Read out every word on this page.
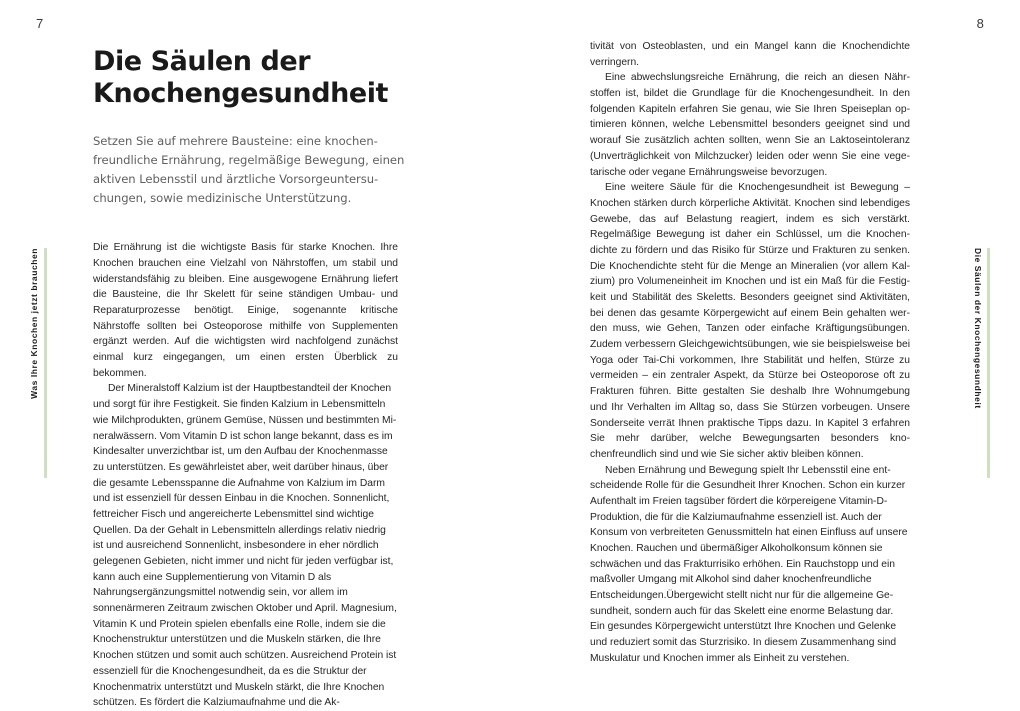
7
Was Ihre Knochen jetzt brauchen
Die Säulen der Knochengesundheit

Setzen Sie auf mehrere Bausteine: eine knochenfreundliche Ernährung, regelmäßige Bewegung, einen aktiven Lebensstil und ärztliche Vorsorgeuntersuchungen, sowie medizinische Unterstützung.

Die Ernährung ist die wichtigste Basis für starke Knochen. Ihre Knochen brauchen eine Vielzahl von Nährstoffen, um stabil und widerstandsfähig zu bleiben. Eine ausgewogene Ernährung liefert die Bausteine, die Ihr Skelett für seine ständigen Umbau- und Reparaturprozesse benötigt. Einige, sogenannte kritische Nährstoffe sollten bei Osteoporose mithilfe von Supplementen ergänzt werden. Auf die wichtigsten wird nachfolgend zunächst einmal kurz eingegangen, um einen ersten Überblick zu bekommen.

Der Mineralstoff Kalzium ist der Hauptbestandteil der Knochen und sorgt für ihre Festigkeit. Sie finden Kalzium in Lebensmitteln wie Milchprodukten, grünem Gemüse, Nüssen und bestimmten Mineralwässern. Vom Vitamin D ist schon lange bekannt, dass es im Kindesalter unverzichtbar ist, um den Aufbau der Knochenmasse zu unterstützen. Es gewährleistet aber, weit darüber hinaus, über die gesamte Lebensspanne die Aufnahme von Kalzium im Darm und ist essenziell für dessen Einbau in die Knochen. Sonnenlicht, fettreicher Fisch und angereicherte Lebensmittel sind wichtige Quellen. Da der Gehalt in Lebensmitteln allerdings relativ niedrig ist und ausreichend Sonnenlicht, insbesondere in eher nördlich gelegenen Gebieten, nicht immer und nicht für jeden verfügbar ist, kann auch eine Supplementierung von Vitamin D als Nahrungsergänzungsmittel notwendig sein, vor allem im sonnenärmeren Zeitraum zwischen Oktober und April. Magnesium, Vitamin K und Protein spielen ebenfalls eine Rolle, indem sie die Knochenstruktur unterstützen und die Muskeln stärken, die Ihre Knochen stützen und somit auch schützen. Ausreichend Protein ist essenziell für die Knochengesundheit, da es die Struktur der Knochenmatrix unterstützt und Muskeln stärkt, die Ihre Knochen schützen. Es fördert die Kalziumaufnahme und die Ak-

8
Die Säulen der Knochengesundheit

tivität von Osteoblasten, und ein Mangel kann die Knochendichte verringern.

Eine abwechslungsreiche Ernährung, die reich an diesen Nährstoffen ist, bildet die Grundlage für die Knochengesundheit. In den folgenden Kapiteln erfahren Sie genau, wie Sie Ihren Speiseplan optimieren können, welche Lebensmittel besonders geeignet sind und worauf Sie zusätzlich achten sollten, wenn Sie an Laktoseintoleranz (Unverträglichkeit von Milchzucker) leiden oder wenn Sie eine vegetarische oder vegane Ernährungsweise bevorzugen.

Eine weitere Säule für die Knochengesundheit ist Bewegung – Knochen stärken durch körperliche Aktivität. Knochen sind lebendiges Gewebe, das auf Belastung reagiert, indem es sich verstärkt. Regelmäßige Bewegung ist daher ein Schlüssel, um die Knochendichte zu fördern und das Risiko für Stürze und Frakturen zu senken. Die Knochendichte steht für die Menge an Mineralien (vor allem Kalzium) pro Volumeneinheit im Knochen und ist ein Maß für die Festigkeit und Stabilität des Skeletts. Besonders geeignet sind Aktivitäten, bei denen das gesamte Körpergewicht auf einem Bein gehalten werden muss, wie Gehen, Tanzen oder einfache Kräftigungsübungen. Zudem verbessern Gleichgewichtsübungen, wie sie beispielsweise bei Yoga oder Tai-Chi vorkommen, Ihre Stabilität und helfen, Stürze zu vermeiden – ein zentraler Aspekt, da Stürze bei Osteoporose oft zu Frakturen führen. Bitte gestalten Sie deshalb Ihre Wohnumgebung und Ihr Verhalten im Alltag so, dass Sie Stürzen vorbeugen. Unsere Sonderseite verrät Ihnen praktische Tipps dazu. In Kapitel 3 erfahren Sie mehr darüber, welche Bewegungsarten besonders knochenfreundlich sind und wie Sie sicher aktiv bleiben können.

Neben Ernährung und Bewegung spielt Ihr Lebensstil eine entscheidende Rolle für die Gesundheit Ihrer Knochen. Schon ein kurzer Aufenthalt im Freien tagsüber fördert die körpereigene Vitamin-D-Produktion, die für die Kalziumaufnahme essenziell ist. Auch der Konsum von verbreiteten Genussmitteln hat einen Einfluss auf unsere Knochen. Rauchen und übermäßiger Alkoholkonsum können sie schwächen und das Frakturrisiko erhöhen. Ein Rauchstopp und ein maßvoller Umgang mit Alkohol sind daher knochenfreundliche Entscheidungen.Übergewicht stellt nicht nur für die allgemeine Gesundheit, sondern auch für das Skelett eine enorme Belastung dar. Ein gesundes Körpergewicht unterstützt Ihre Knochen und Gelenke und reduziert somit das Sturzrisiko. In diesem Zusammenhang sind Muskulatur und Knochen immer als Einheit zu verstehen.
